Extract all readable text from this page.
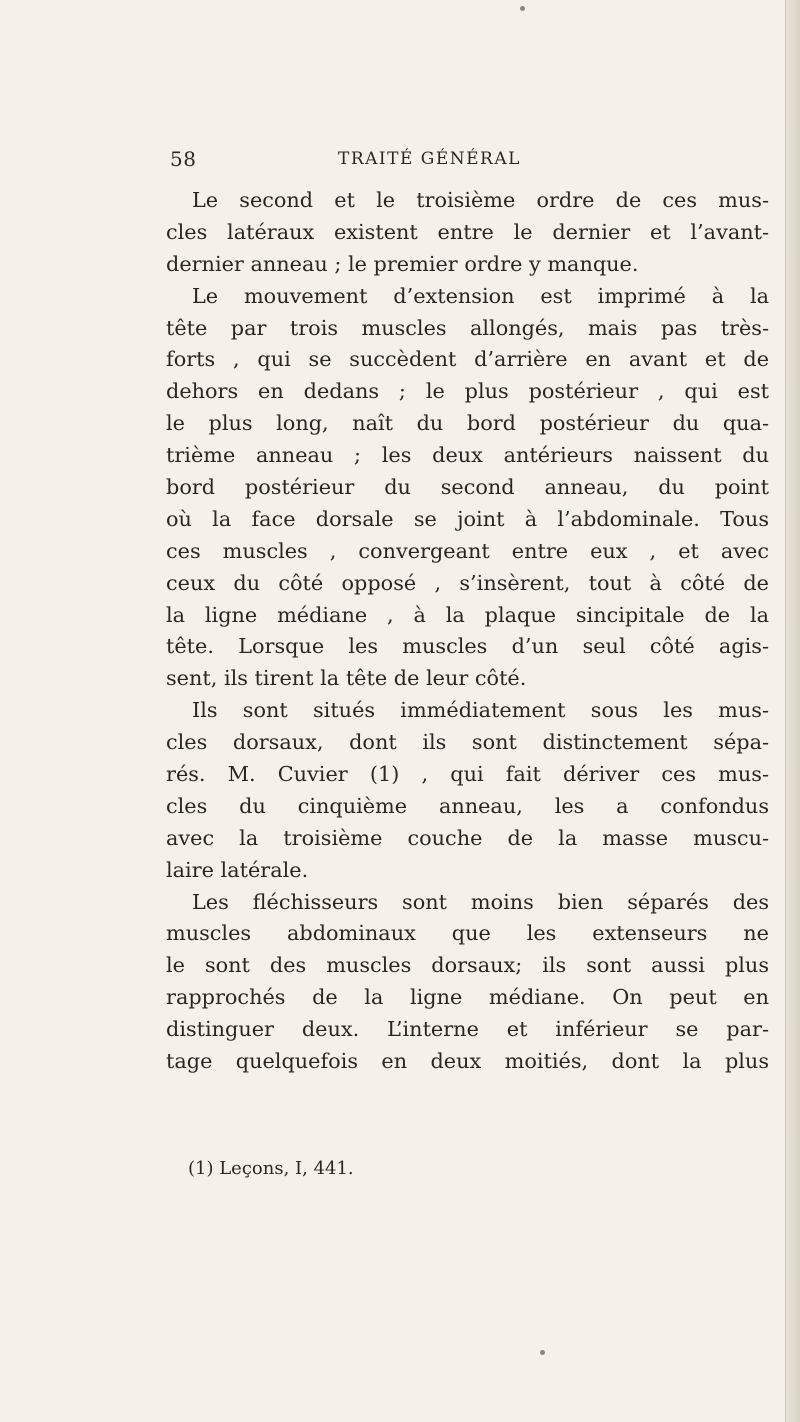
58	TRAITÉ GÉNÉRAL
Le second et le troisième ordre de ces mus-
cles latéraux existent entre le dernier et l’avant-
dernier anneau ; le premier ordre y manque.
Le mouvement d’extension est imprimé à la
tête par trois muscles allongés, mais pas très-
forts , qui se succèdent d’arrière en avant et de
dehors en dedans ; le plus postérieur , qui est
le plus long, naît du bord postérieur du qua-
trième anneau ; les deux antérieurs naissent du
bord postérieur du second anneau, du point
où la face dorsale se joint à l’abdominale. Tous
ces muscles , convergeant entre eux , et avec
ceux du côté opposé , s’insèrent, tout à côté de
la ligne médiane , à la plaque sincipitale de la
tête. Lorsque les muscles d’un seul côté agis-
sent, ils tirent la tête de leur côté.
Ils sont situés immédiatement sous les mus-
cles dorsaux, dont ils sont distinctement sépa-
rés. M. Cuvier (1) , qui fait dériver ces mus-
cles du cinquième anneau, les a confondus
avec la troisième couche de la masse muscu-
laire latérale.
Les fléchisseurs sont moins bien séparés des
muscles abdominaux que les extenseurs ne
le sont des muscles dorsaux; ils sont aussi plus
rapprochés de la ligne médiane. On peut en
distinguer deux. L’interne et inférieur se par-
tage quelquefois en deux moitiés, dont la plus
(1) Leçons, I, 441.
